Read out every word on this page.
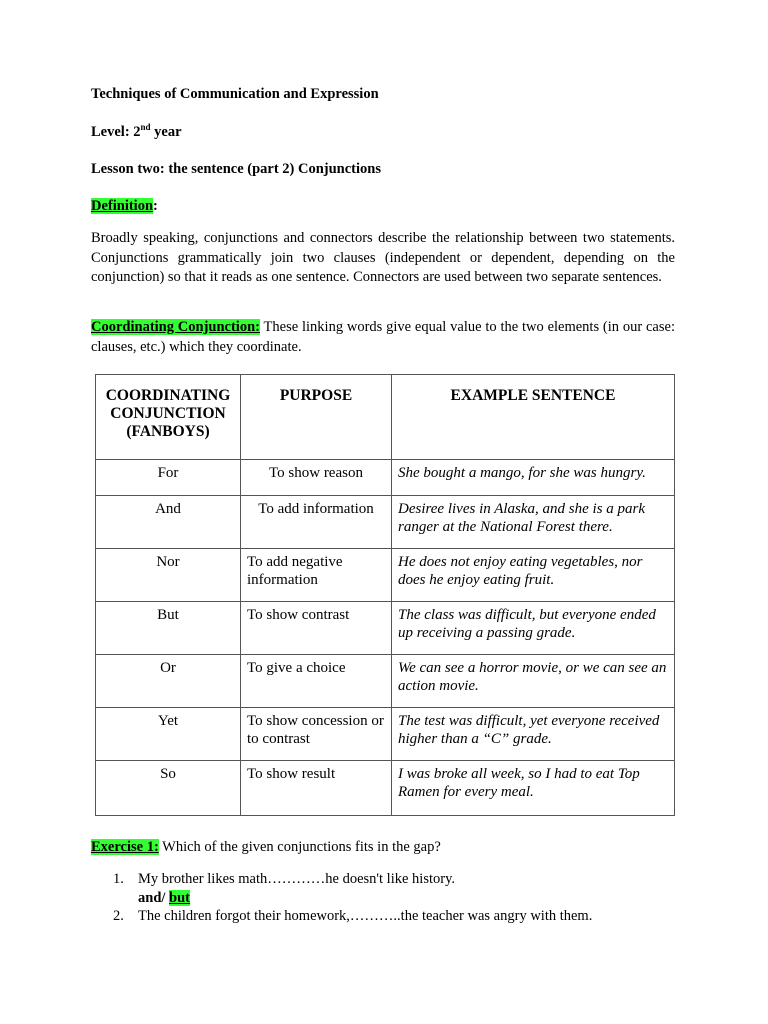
Techniques of Communication and Expression
Level: 2nd year
Lesson two: the sentence (part 2) Conjunctions
Definition:
Broadly speaking, conjunctions and connectors describe the relationship between two statements. Conjunctions grammatically join two clauses (independent or dependent, depending on the conjunction) so that it reads as one sentence. Connectors are used between two separate sentences.
Coordinating Conjunction: These linking words give equal value to the two elements (in our case: clauses, etc.) which they coordinate.
COORDINATING CONJUNCTION (FANBOYS)	PURPOSE	EXAMPLE SENTENCE
For	To show reason	She bought a mango, for she was hungry.
And	To add information	Desiree lives in Alaska, and she is a park ranger at the National Forest there.
Nor	To add negative information	He does not enjoy eating vegetables, nor does he enjoy eating fruit.
But	To show contrast	The class was difficult, but everyone ended up receiving a passing grade.
Or	To give a choice	We can see a horror movie, or we can see an action movie.
Yet	To show concession or to contrast	The test was difficult, yet everyone received higher than a “C” grade.
So	To show result	I was broke all week, so I had to eat Top Ramen for every meal.
Exercise 1: Which of the given conjunctions fits in the gap?
1. My brother likes math…………he doesn't like history.
and/ but
2. The children forgot their homework,………..the teacher was angry with them.
